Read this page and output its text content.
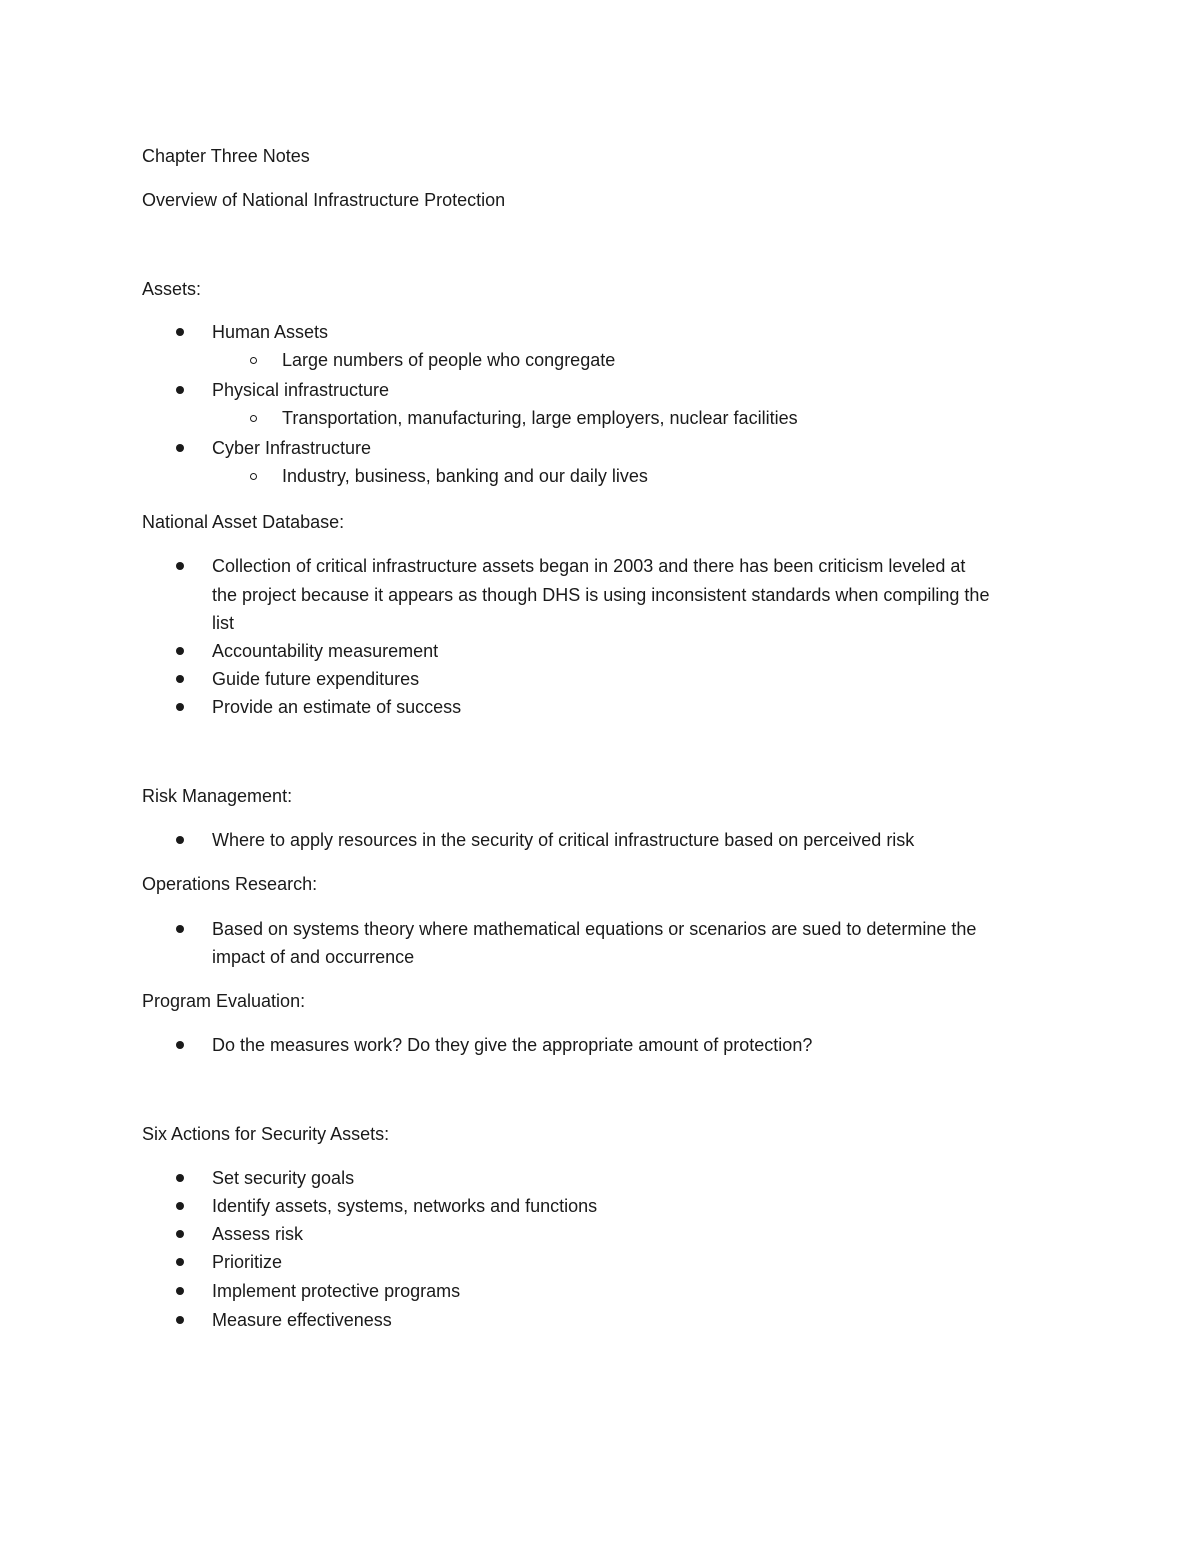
Chapter Three Notes
Overview of National Infrastructure Protection
Assets:
Human Assets
Large numbers of people who congregate
Physical infrastructure
Transportation, manufacturing, large employers, nuclear facilities
Cyber Infrastructure
Industry, business, banking and our daily lives
National Asset Database:
Collection of critical infrastructure assets began in 2003 and there has been criticism leveled at
the project because it appears as though DHS is using inconsistent standards when compiling the
list
Accountability measurement
Guide future expenditures
Provide an estimate of success
Risk Management:
Where to apply resources in the security of critical infrastructure based on perceived risk
Operations Research:
Based on systems theory where mathematical equations or scenarios are sued to determine the
impact of and occurrence
Program Evaluation:
Do the measures work? Do they give the appropriate amount of protection?
Six Actions for Security Assets:
Set security goals
Identify assets, systems, networks and functions
Assess risk
Prioritize
Implement protective programs
Measure effectiveness
